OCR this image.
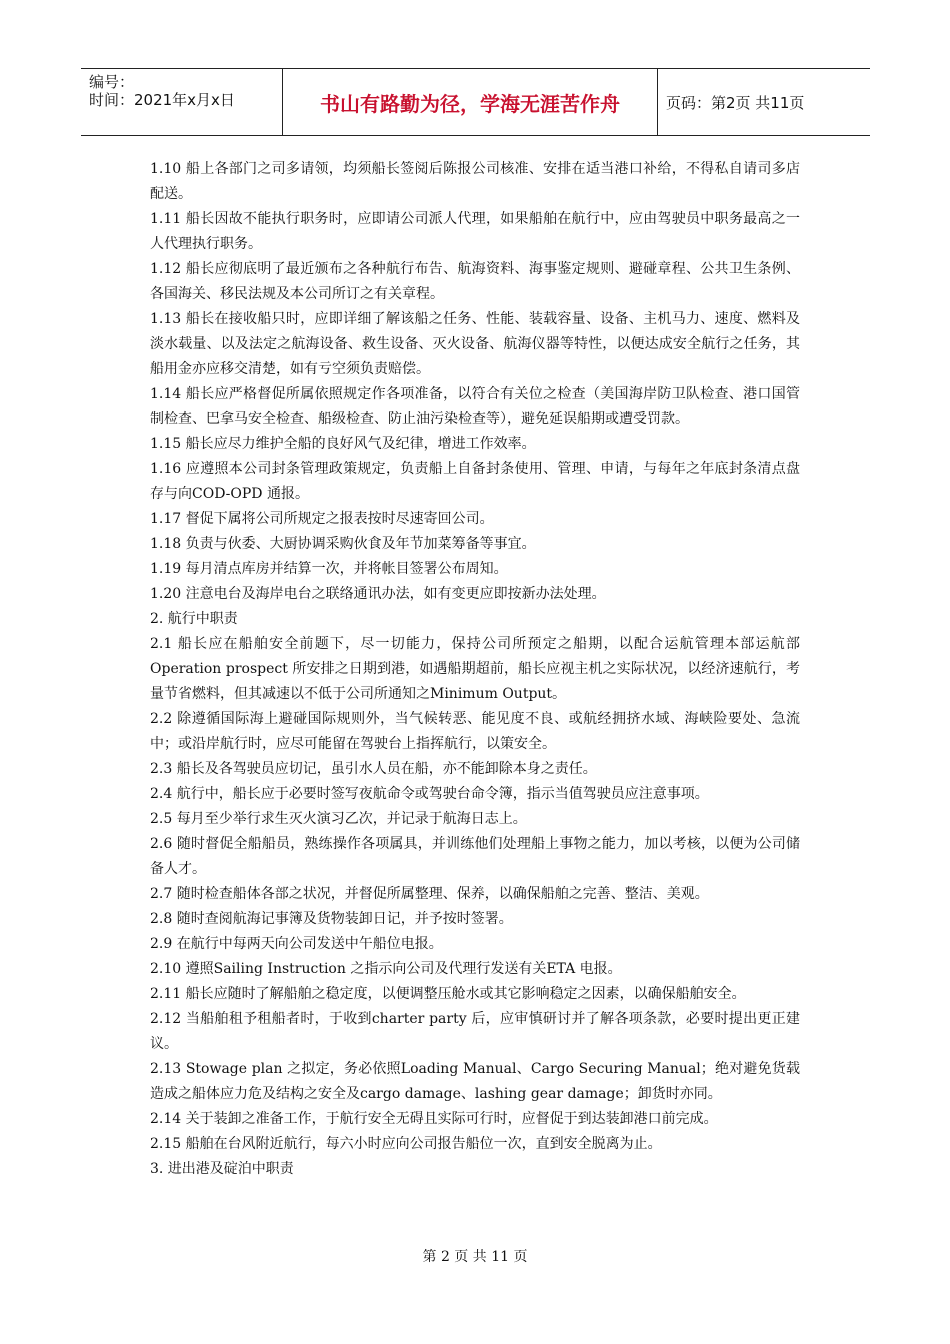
编号：
时间：2021年x月x日	书山有路勤为径，学海无涯苦作舟	页码：第2页 共11页

1.10 船上各部门之司多请领，均须船长签阅后陈报公司核准、安排在适当港口补给，不得私自请司多店配送。

1.11 船长因故不能执行职务时，应即请公司派人代理，如果船舶在航行中，应由驾驶员中职务最高之一人代理执行职务。

1.12 船长应彻底明了最近颁布之各种航行布告、航海资料、海事鉴定规则、避碰章程、公共卫生条例、各国海关、移民法规及本公司所订之有关章程。

1.13 船长在接收船只时，应即详细了解该船之任务、性能、装载容量、设备、主机马力、速度、燃料及淡水载量、以及法定之航海设备、救生设备、灭火设备、航海仪器等特性，以便达成安全航行之任务，其船用金亦应移交清楚，如有亏空须负责赔偿。

1.14 船长应严格督促所属依照规定作各项准备，以符合有关位之检查（美国海岸防卫队检查、港口国管制检查、巴拿马安全检查、船级检查、防止油污染检查等），避免延误船期或遭受罚款。

1.15 船长应尽力维护全船的良好风气及纪律，增进工作效率。

1.16 应遵照本公司封条管理政策规定，负责船上自备封条使用、管理、申请，与每年之年底封条清点盘存与向COD-OPD 通报。

1.17 督促下属将公司所规定之报表按时尽速寄回公司。

1.18 负责与伙委、大厨协调采购伙食及年节加菜筹备等事宜。

1.19 每月清点库房并结算一次，并将帐目签署公布周知。

1.20 注意电台及海岸电台之联络通讯办法，如有变更应即按新办法处理。

2. 航行中职责

2.1 船长应在船舶安全前题下，尽一切能力，保持公司所预定之船期，以配合运航管理本部运航部Operation prospect 所安排之日期到港，如遇船期超前，船长应视主机之实际状况，以经济速航行，考量节省燃料，但其减速以不低于公司所通知之Minimum Output。

2.2 除遵循国际海上避碰国际规则外，当气候转恶、能见度不良、或航经拥挤水域、海峡险要处、急流中；或沿岸航行时，应尽可能留在驾驶台上指挥航行，以策安全。

2.3 船长及各驾驶员应切记，虽引水人员在船，亦不能卸除本身之责任。

2.4 航行中，船长应于必要时签写夜航命令或驾驶台命令簿，指示当值驾驶员应注意事项。

2.5 每月至少举行求生灭火演习乙次，并记录于航海日志上。

2.6 随时督促全船船员，熟练操作各项属具，并训练他们处理船上事物之能力，加以考核，以便为公司储备人才。

2.7 随时检查船体各部之状况，并督促所属整理、保养，以确保船舶之完善、整洁、美观。

2.8 随时查阅航海记事簿及货物装卸日记，并予按时签署。

2.9 在航行中每两天向公司发送中午船位电报。

2.10 遵照Sailing Instruction 之指示向公司及代理行发送有关ETA 电报。

2.11 船长应随时了解船舶之稳定度，以便调整压舱水或其它影响稳定之因素，以确保船舶安全。

2.12 当船舶租予租船者时，于收到charter party 后，应审慎研讨并了解各项条款，必要时提出更正建议。

2.13 Stowage plan 之拟定，务必依照Loading Manual、Cargo Securing Manual；绝对避免货载造成之船体应力危及结构之安全及cargo damage、lashing gear damage；卸货时亦同。

2.14 关于装卸之准备工作，于航行安全无碍且实际可行时，应督促于到达装卸港口前完成。

2.15 船舶在台风附近航行，每六小时应向公司报告船位一次，直到安全脱离为止。

3. 进出港及碇泊中职责

第 2 页 共 11 页
